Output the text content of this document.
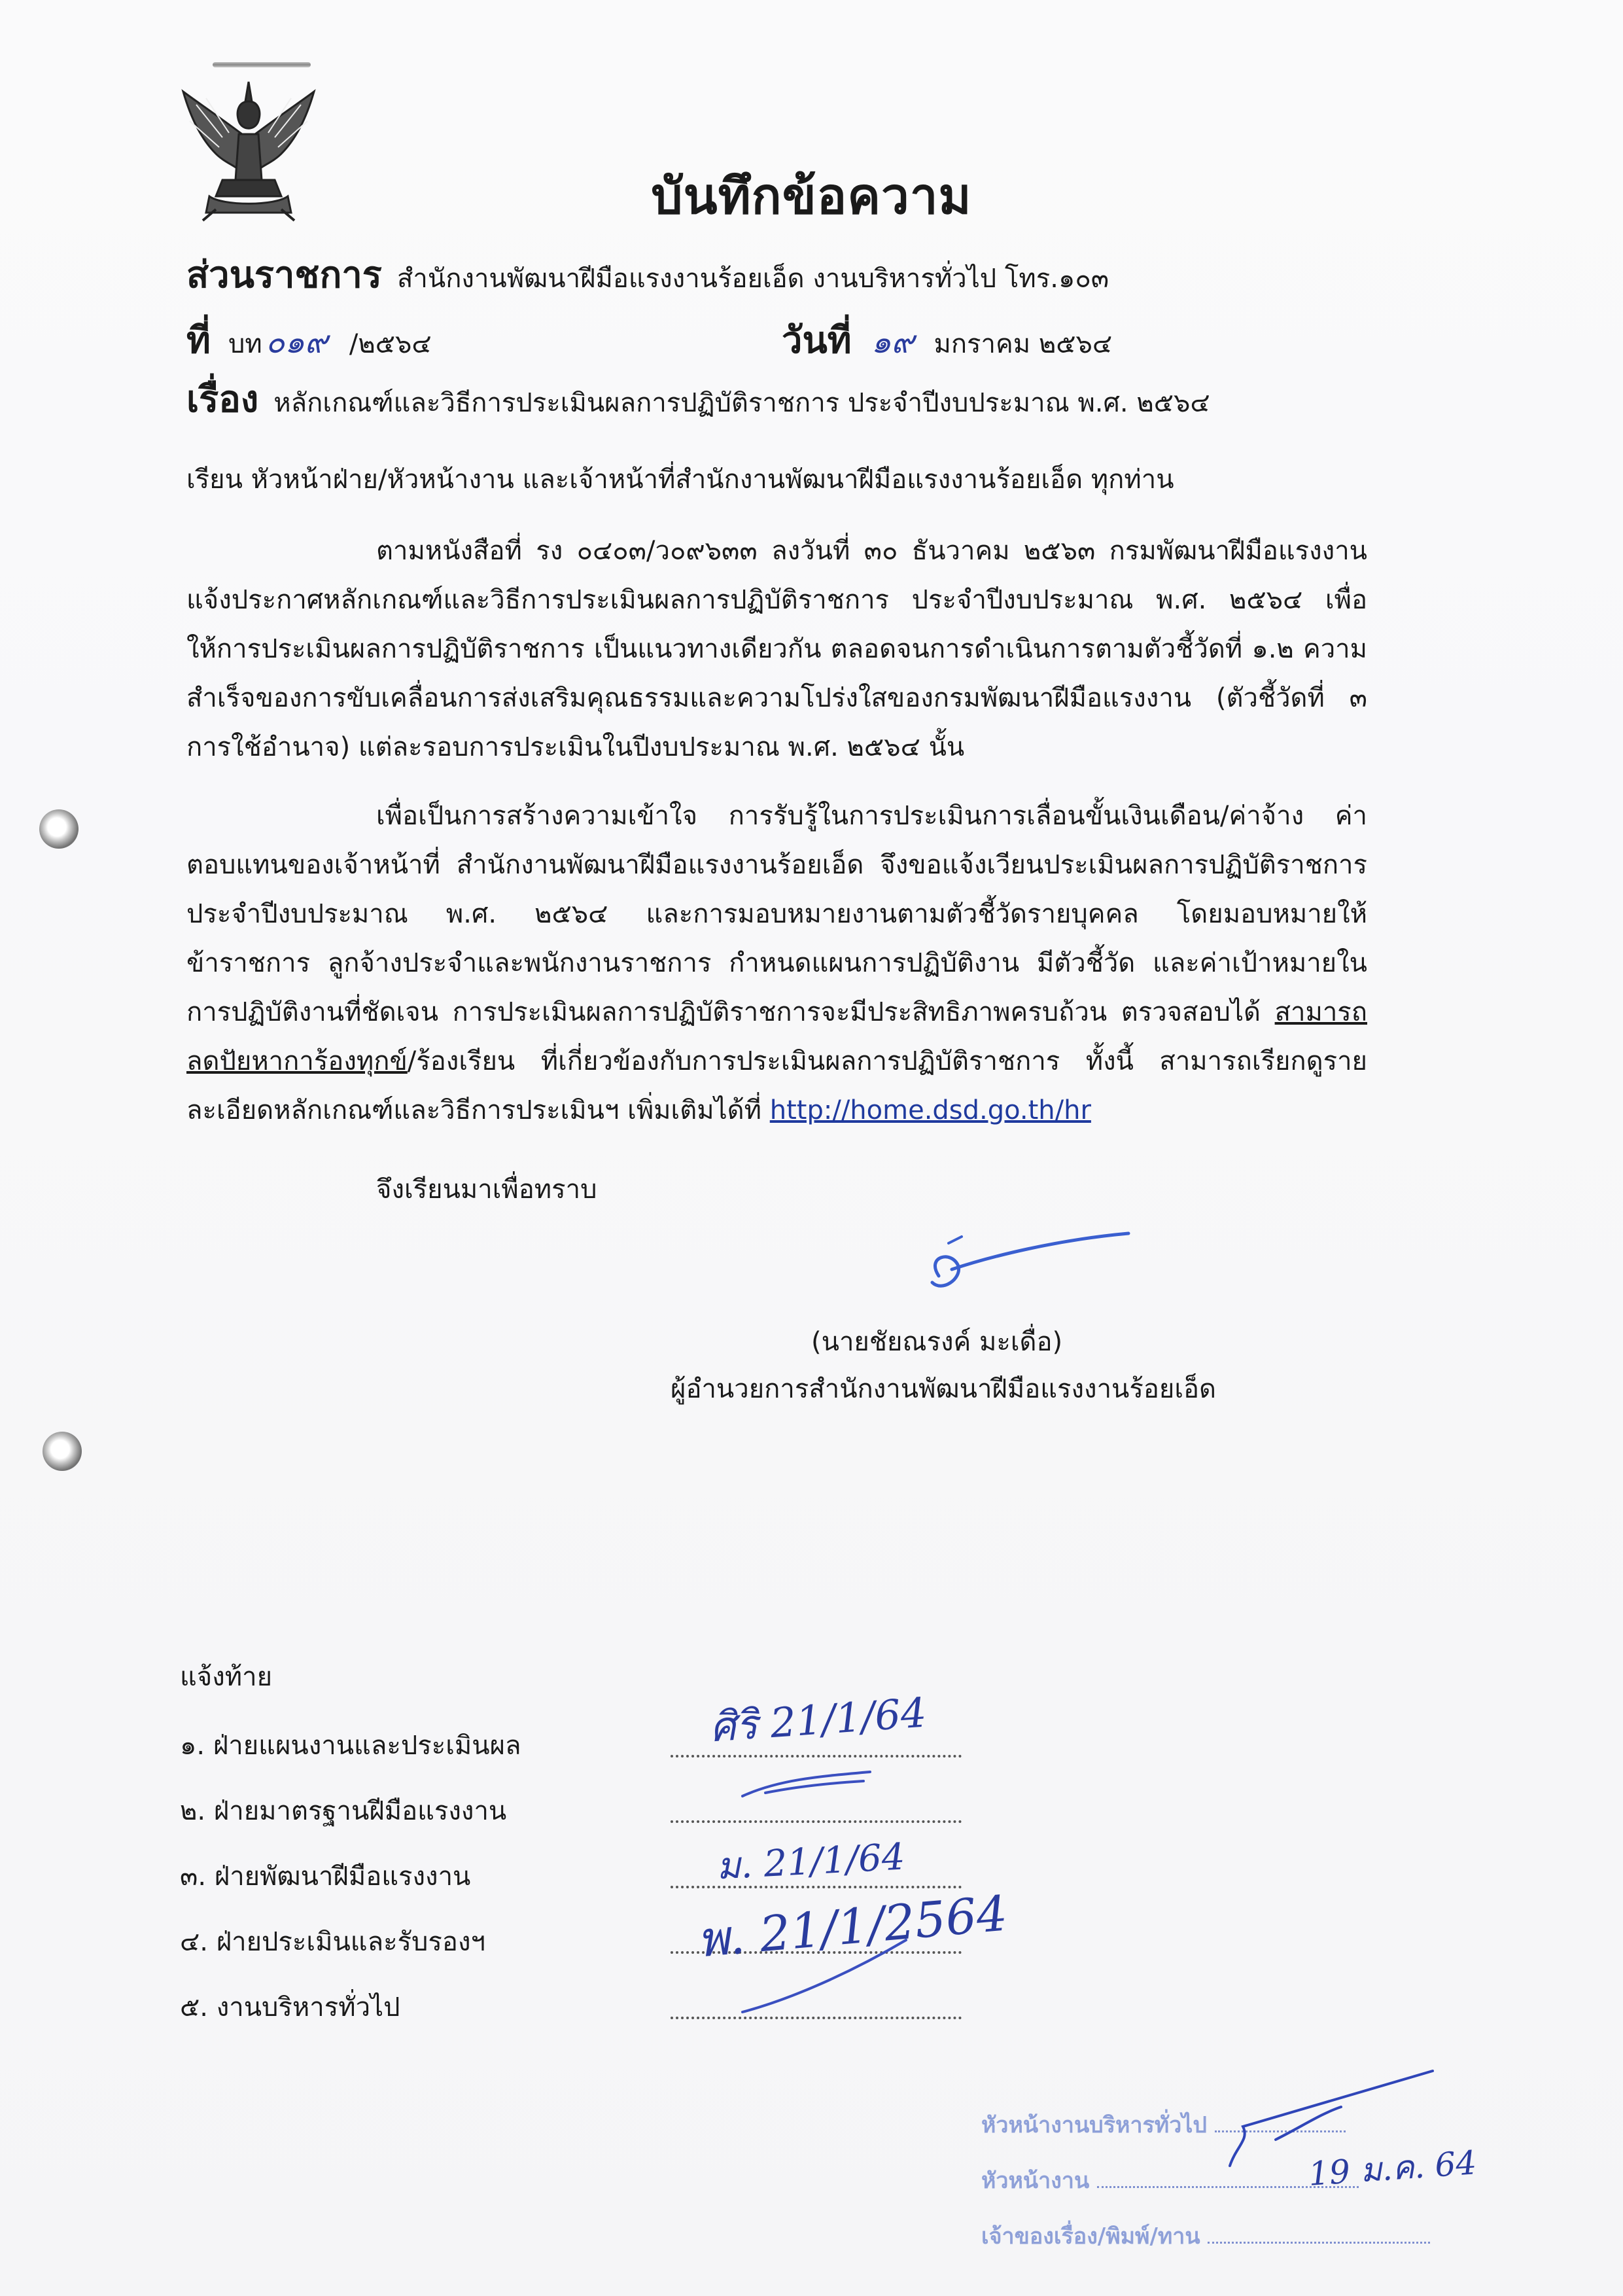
บันทึกข้อความ
ส่วนราชการ สำนักงานพัฒนาฝีมือแรงงานร้อยเอ็ด งานบริหารทั่วไป โทร.๑๐๓
ที่ บท ๐๑๙ /๒๕๖๔	วันที่ ๑๙ มกราคม ๒๕๖๔
เรื่อง หลักเกณฑ์และวิธีการประเมินผลการปฏิบัติราชการ ประจำปีงบประมาณ พ.ศ. ๒๕๖๔
เรียน หัวหน้าฝ่าย/หัวหน้างาน และเจ้าหน้าที่สำนักงานพัฒนาฝีมือแรงงานร้อยเอ็ด ทุกท่าน
ตามหนังสือที่ รง ๐๔๐๓/ว๐๙๖๓๓ ลงวันที่ ๓๐ ธันวาคม ๒๕๖๓ กรมพัฒนาฝีมือแรงงาน แจ้งประกาศหลักเกณฑ์และวิธีการประเมินผลการปฏิบัติราชการ ประจำปีงบประมาณ พ.ศ. ๒๕๖๔ เพื่อให้การประเมินผลการปฏิบัติราชการ เป็นแนวทางเดียวกัน ตลอดจนการดำเนินการตามตัวชี้วัดที่ ๑.๒ ความสำเร็จของการขับเคลื่อนการส่งเสริมคุณธรรมและความโปร่งใสของกรมพัฒนาฝีมือแรงงาน (ตัวชี้วัดที่ ๓ การใช้อำนาจ) แต่ละรอบการประเมินในปีงบประมาณ พ.ศ. ๒๕๖๔ นั้น
เพื่อเป็นการสร้างความเข้าใจ การรับรู้ในการประเมินการเลื่อนขั้นเงินเดือน/ค่าจ้าง ค่าตอบแทนของเจ้าหน้าที่ สำนักงานพัฒนาฝีมือแรงงานร้อยเอ็ด จึงขอแจ้งเวียนประเมินผลการปฏิบัติราชการ ประจำปีงบประมาณ พ.ศ. ๒๕๖๔ และการมอบหมายงานตามตัวชี้วัดรายบุคคล โดยมอบหมายให้ข้าราชการ ลูกจ้างประจำและพนักงานราชการ กำหนดแผนการปฏิบัติงาน มีตัวชี้วัด และค่าเป้าหมายในการปฏิบัติงานที่ชัดเจน การประเมินผลการปฏิบัติราชการจะมีประสิทธิภาพครบถ้วน ตรวจสอบได้ สามารถลดปัยหาการ้องทุกข์/ร้องเรียน ที่เกี่ยวข้องกับการประเมินผลการปฏิบัติราชการ ทั้งนี้ สามารถเรียกดูรายละเอียดหลักเกณฑ์และวิธีการประเมินฯ เพิ่มเติมได้ที่ http://home.dsd.go.th/hr
จึงเรียนมาเพื่อทราบ
(นายชัยณรงค์ มะเดื่อ)
ผู้อำนวยการสำนักงานพัฒนาฝีมือแรงงานร้อยเอ็ด
แจ้งท้าย
๑. ฝ่ายแผนงานและประเมินผล
๒. ฝ่ายมาตรฐานฝีมือแรงงาน
๓. ฝ่ายพัฒนาฝีมือแรงงาน
๔. ฝ่ายประเมินและรับรองฯ
๕. งานบริหารทั่วไป
ศิริ 21/1/64
ม. 21/1/64
พ. 21/1/2564
หัวหน้างานบริหารทั่วไป
หัวหน้างาน
เจ้าของเรื่อง/พิมพ์/ทาน
19 ม.ค. 64
